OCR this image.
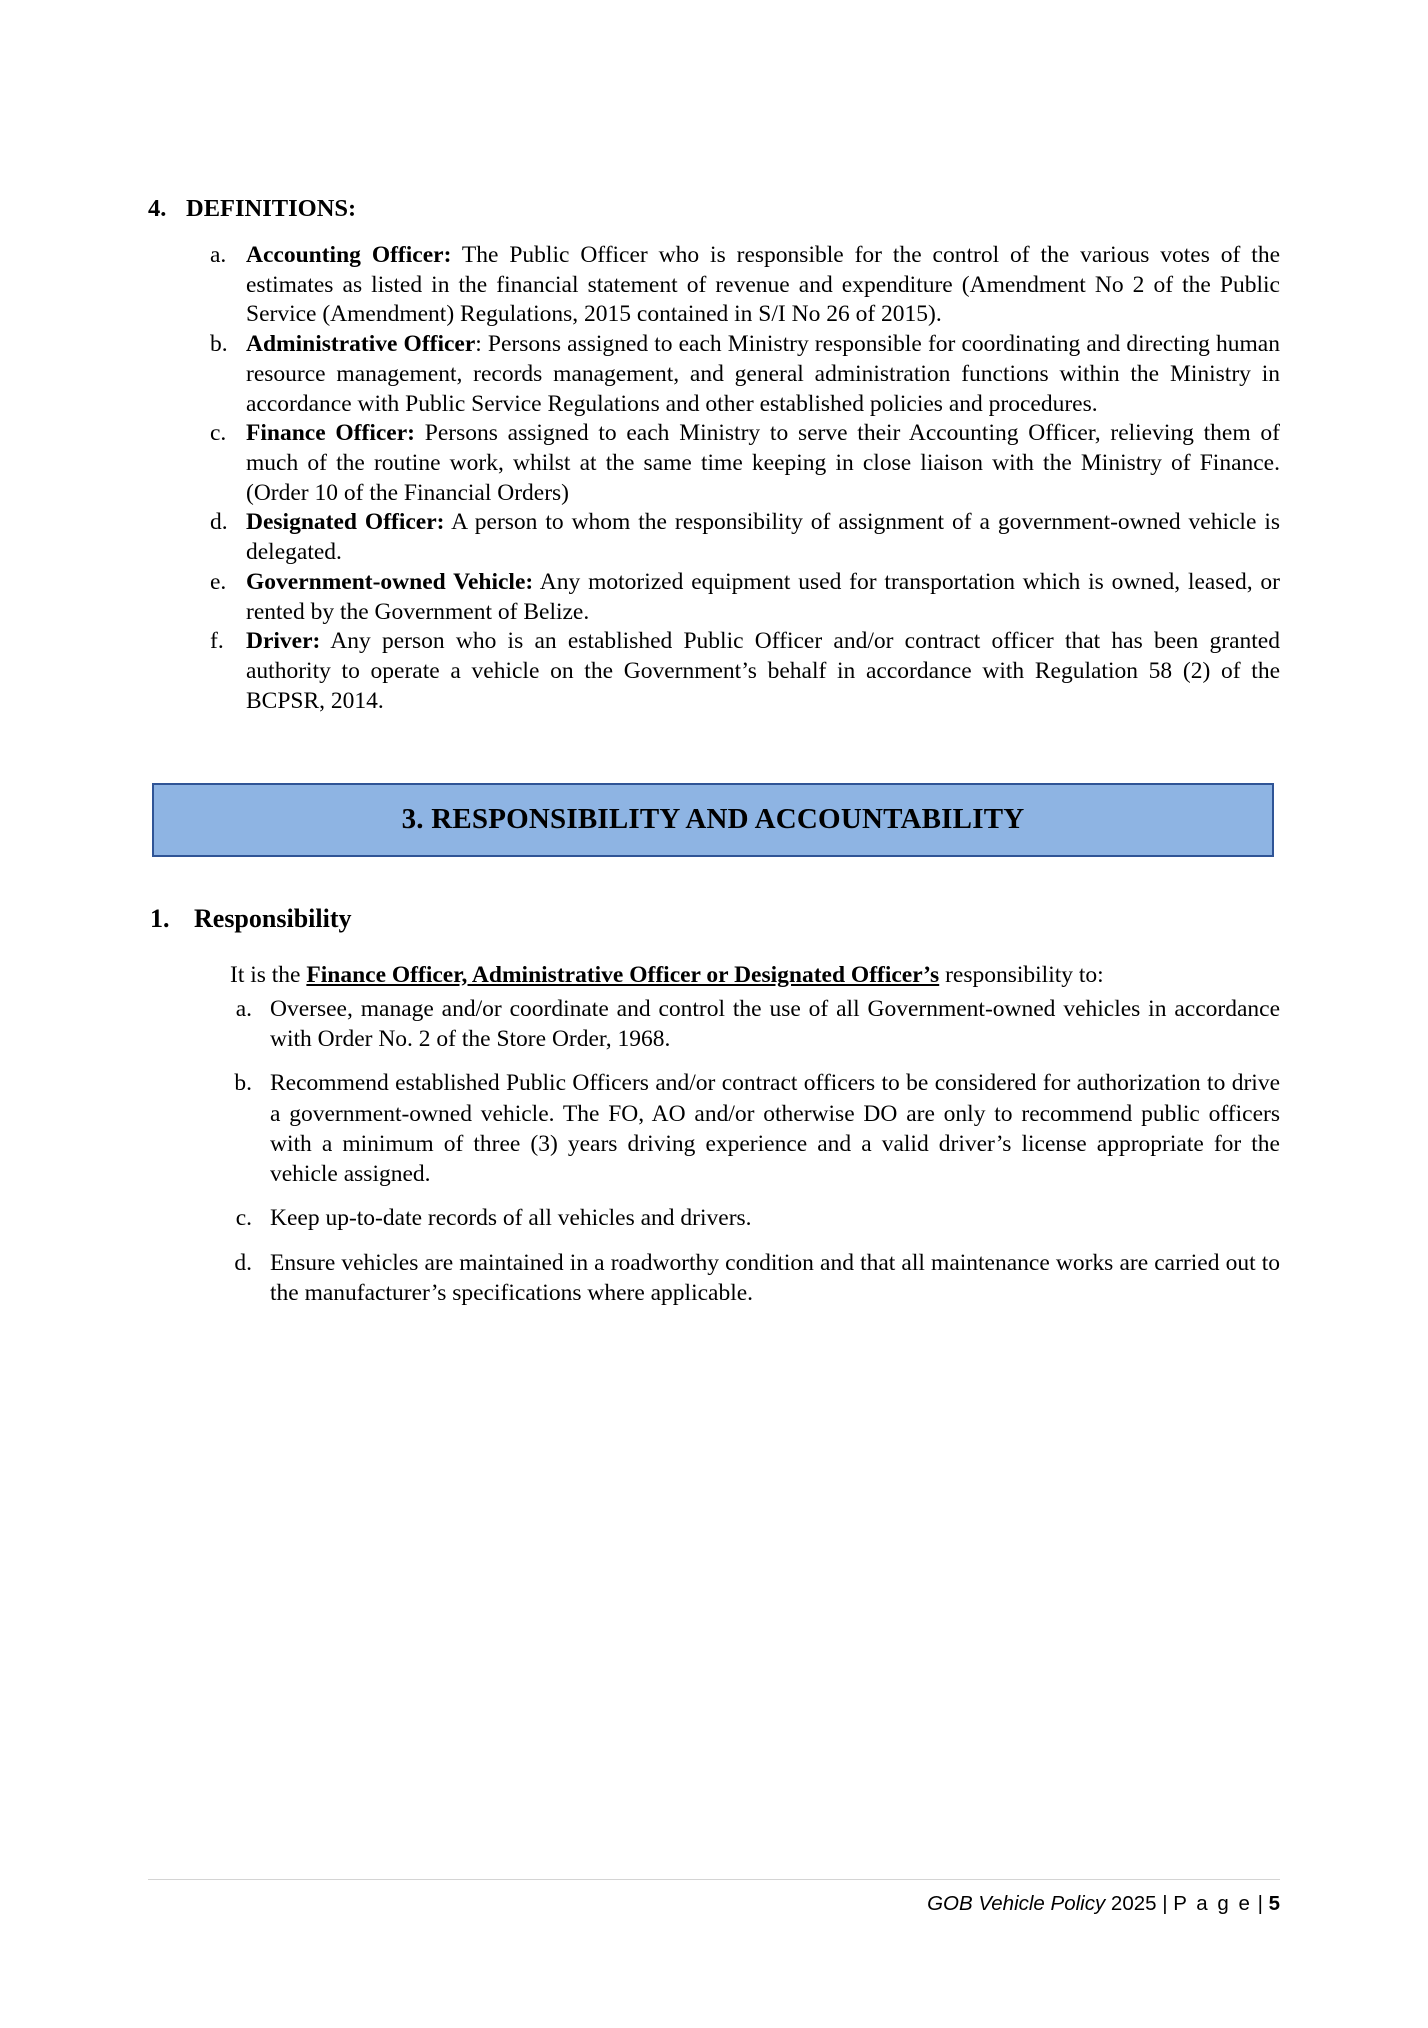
4. DEFINITIONS:
a. Accounting Officer: The Public Officer who is responsible for the control of the various votes of the estimates as listed in the financial statement of revenue and expenditure (Amendment No 2 of the Public Service (Amendment) Regulations, 2015 contained in S/I No 26 of 2015).
b. Administrative Officer: Persons assigned to each Ministry responsible for coordinating and directing human resource management, records management, and general administration functions within the Ministry in accordance with Public Service Regulations and other established policies and procedures.
c. Finance Officer: Persons assigned to each Ministry to serve their Accounting Officer, relieving them of much of the routine work, whilst at the same time keeping in close liaison with the Ministry of Finance. (Order 10 of the Financial Orders)
d. Designated Officer: A person to whom the responsibility of assignment of a government-owned vehicle is delegated.
e. Government-owned Vehicle: Any motorized equipment used for transportation which is owned, leased, or rented by the Government of Belize.
f. Driver: Any person who is an established Public Officer and/or contract officer that has been granted authority to operate a vehicle on the Government’s behalf in accordance with Regulation 58 (2) of the BCPSR, 2014.
3. RESPONSIBILITY AND ACCOUNTABILITY
1. Responsibility

It is the Finance Officer, Administrative Officer or Designated Officer’s responsibility to:

a. Oversee, manage and/or coordinate and control the use of all Government-owned vehicles in accordance with Order No. 2 of the Store Order, 1968.
b. Recommend established Public Officers and/or contract officers to be considered for authorization to drive a government-owned vehicle. The FO, AO and/or otherwise DO are only to recommend public officers with a minimum of three (3) years driving experience and a valid driver’s license appropriate for the vehicle assigned.
c. Keep up-to-date records of all vehicles and drivers.
d. Ensure vehicles are maintained in a roadworthy condition and that all maintenance works are carried out to the manufacturer’s specifications where applicable.
GOB Vehicle Policy 2025 | P a g e | 5
